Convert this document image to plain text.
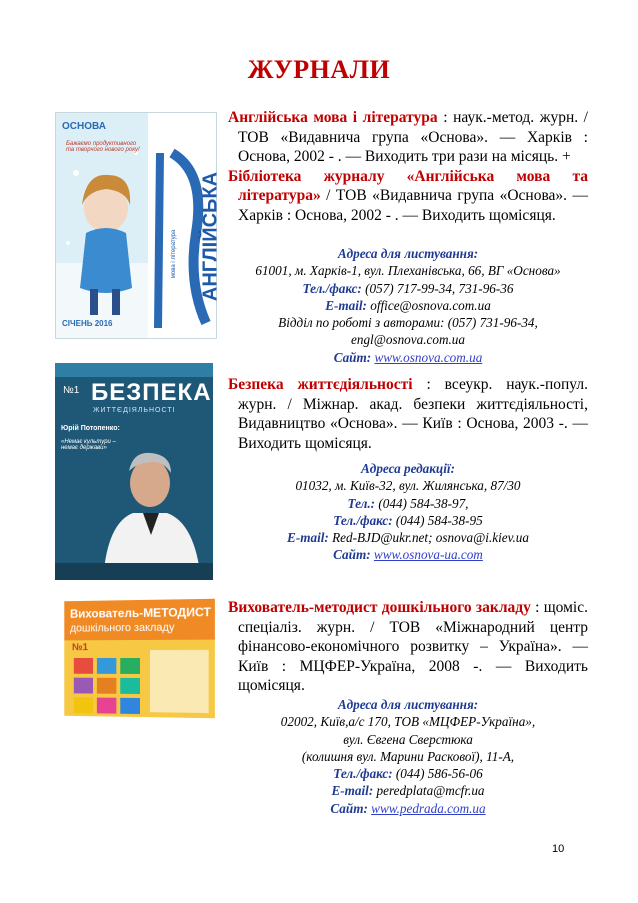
ЖУРНАЛИ
ОСНОВА
Бажаємо продуктивного та творчого нового року!
АНГЛІЙСЬКА
мова і література
СІЧЕНЬ 2016

Англійська мова і література : наук.-метод. журн. / ТОВ «Видавнича група «Основа». — Харків : Основа, 2002 - . — Виходить три рази на місяць. +

Бібліотека журналу «Англійська мова та література» / ТОВ «Видавнича група «Основа». — Харків : Основа, 2002 - . — Виходить щомісяця.

Адреса для листування:
61001, м. Харків-1, вул. Плеханівська, 66, ВГ «Основа»
Тел./факс: (057) 717-99-34, 731-96-36
E-mail: office@osnova.com.ua
Відділ по роботі з авторами: (057) 731-96-34,
engl@osnova.com.ua
Сайт: www.osnova.com.ua
№1 БЕЗПЕКА
ЖИТТЄДІЯЛЬНОСТІ
Юрій Потопенко:
«Немає культури – немає держави»

Безпека життєдіяльності : всеукр. наук.-попул. журн. / Міжнар. акад. безпеки життєдіяльності, Видавництво «Основа». — Київ : Основа, 2003 -. — Виходить щомісяця.

Адреса редакції:
01032, м. Київ-32, вул. Жилянська, 87/30
Тел.: (044) 584-38-97,
Тел./факс: (044) 584-38-95
E-mail: Red-BJD@ukr.net; osnova@i.kiev.ua
Сайт: www.osnova-ua.com
Вихователь-МЕТОДИСТ
дошкільного закладу
№1

Вихователь-методист дошкільного закладу : щоміс. спеціаліз. журн. / ТОВ «Міжнародний центр фінансово-економічного розвитку – Україна». — Київ : МЦФЕР-Україна, 2008 -. — Виходить щомісяця.

Адреса для листування:
02002, Київ,а/с 170, ТОВ «МЦФЕР-Україна»,
вул. Євгена Сверстюка
(колишня вул. Марини Раскової), 11-А,
Тел./факс: (044) 586-56-06
E-mail: peredplata@mcfr.ua
Сайт: www.pedrada.com.ua
10
